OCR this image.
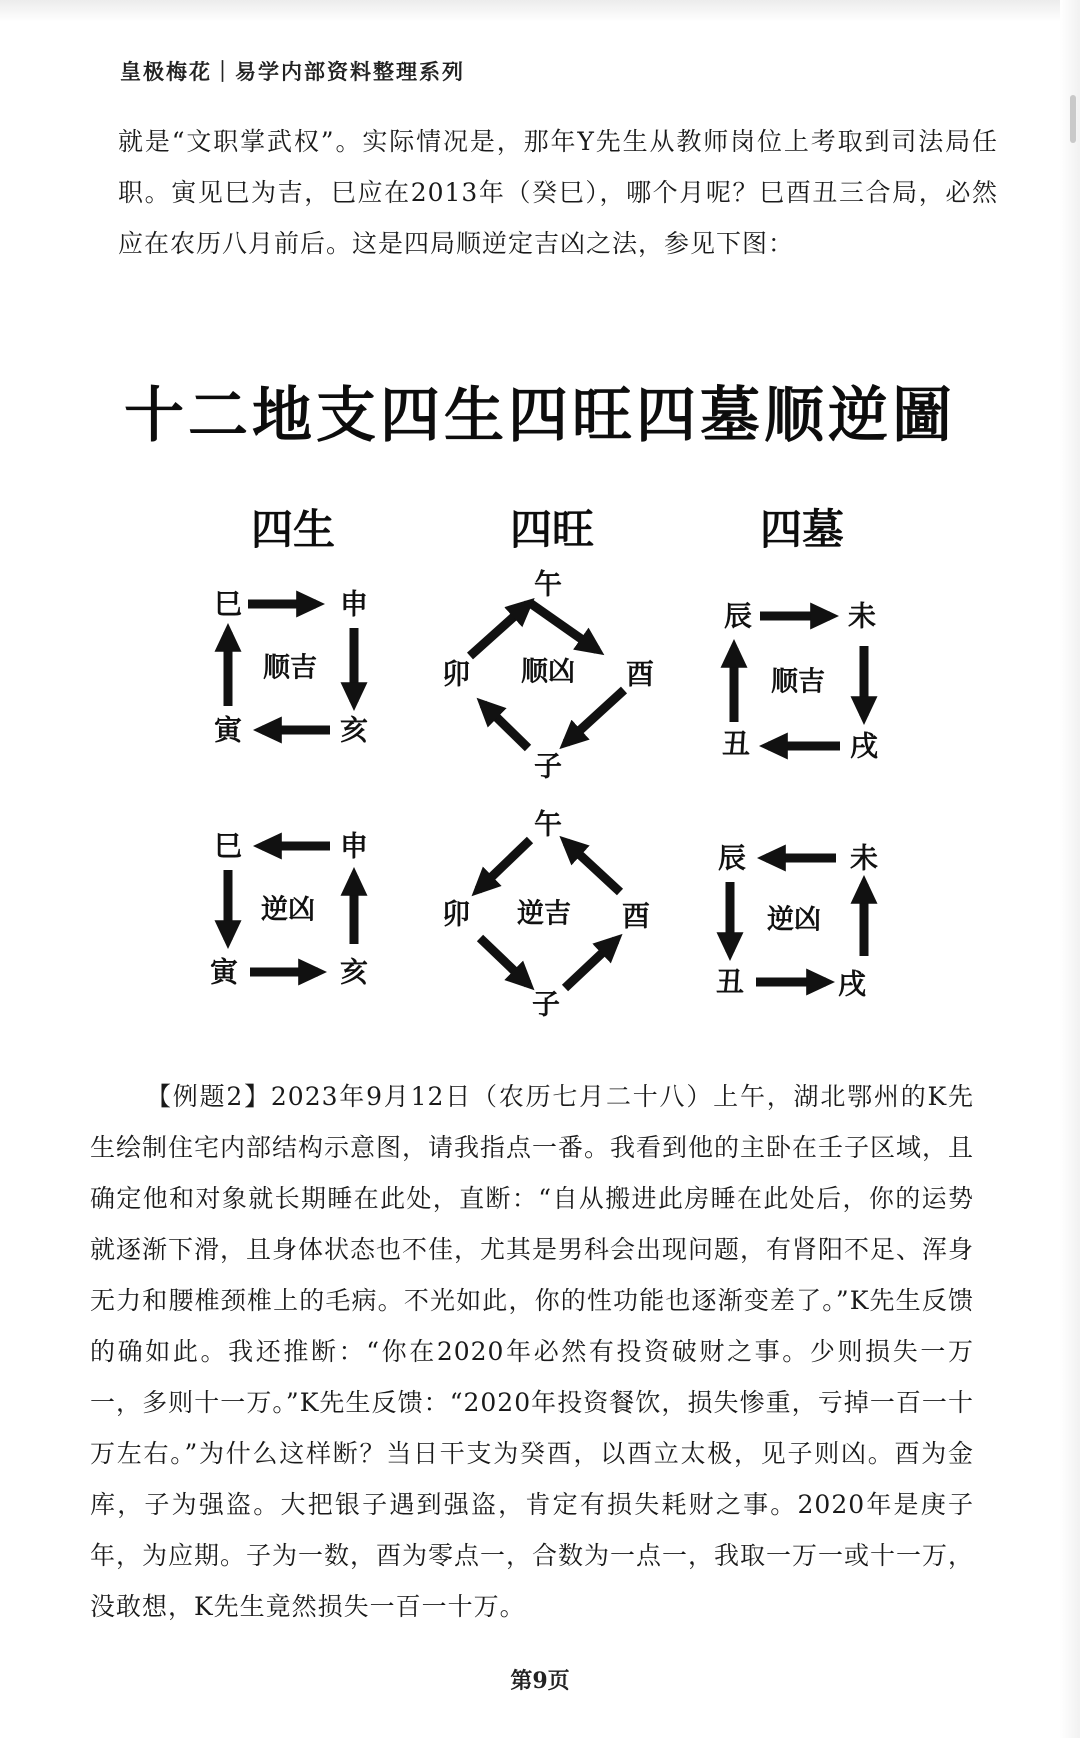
皇极梅花｜易学内部资料整理系列
就是“文职掌武权”。实际情况是，那年Y先生从教师岗位上考取到司法局任职。寅见巳为吉，巳应在2013年（癸巳），哪个月呢？巳酉丑三合局，必然应在农历八月前后。这是四局顺逆定吉凶之法，参见下图：
十二地支四生四旺四墓顺逆圖
四生	四旺	四墓
巳	申
寅	亥
顺吉
午
卯	酉
子
顺凶
辰	未
丑	戌
顺吉
巳	申
寅	亥
逆凶
午
卯	酉
子
逆吉
辰	未
丑	戌
逆凶
【例题2】2023年9月12日（农历七月二十八）上午，湖北鄂州的K先生绘制住宅内部结构示意图，请我指点一番。我看到他的主卧在壬子区域，且确定他和对象就长期睡在此处，直断：“自从搬进此房睡在此处后，你的运势就逐渐下滑，且身体状态也不佳，尤其是男科会出现问题，有肾阳不足、浑身无力和腰椎颈椎上的毛病。不光如此，你的性功能也逐渐变差了。”K先生反馈的确如此。我还推断：“你在2020年必然有投资破财之事。少则损失一万一，多则十一万。”K先生反馈：“2020年投资餐饮，损失惨重，亏掉一百一十万左右。”为什么这样断？当日干支为癸酉，以酉立太极，见子则凶。酉为金库，子为强盗。大把银子遇到强盗，肯定有损失耗财之事。2020年是庚子年，为应期。子为一数，酉为零点一，合数为一点一，我取一万一或十一万，没敢想，K先生竟然损失一百一十万。
第9页
